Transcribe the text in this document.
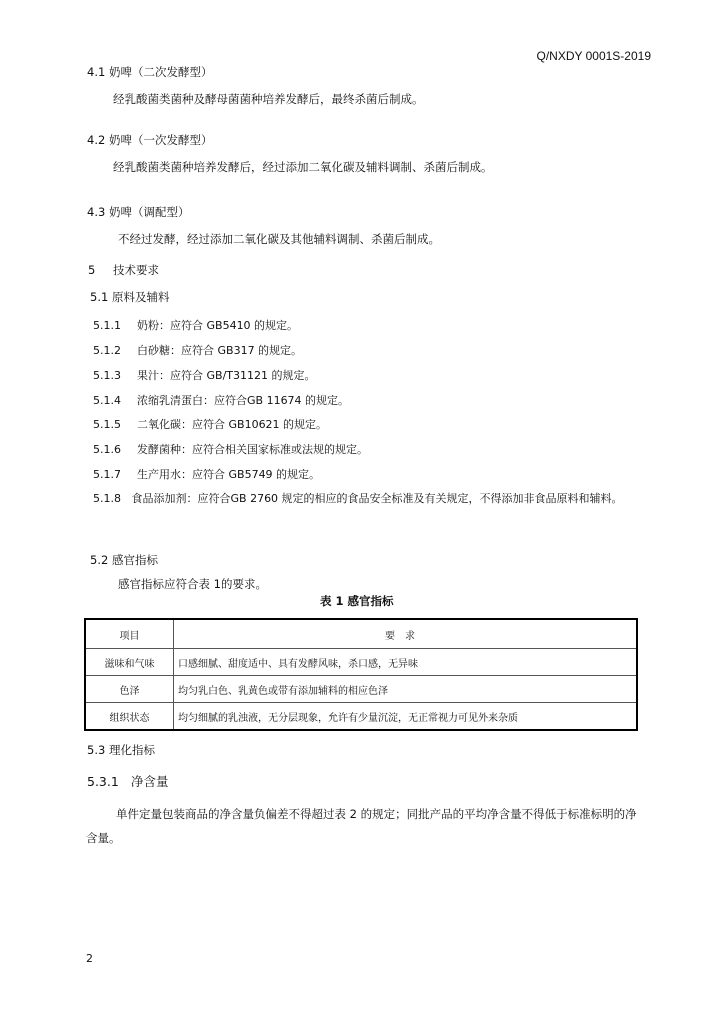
Q/NXDY 0001S-2019
4.1 奶啤（二次发酵型）
经乳酸菌类菌种及酵母菌菌种培养发酵后，最终杀菌后制成。
4.2 奶啤（一次发酵型）
经乳酸菌类菌种培养发酵后，经过添加二氧化碳及辅料调制、杀菌后制成。
4.3 奶啤（调配型）
不经过发酵，经过添加二氧化碳及其他辅料调制、杀菌后制成。
5 技术要求
5.1 原料及辅料
5.1.1 奶粉：应符合 GB5410 的规定。
5.1.2 白砂糖：应符合 GB317 的规定。
5.1.3 果汁：应符合 GB/T31121 的规定。
5.1.4 浓缩乳清蛋白：应符合GB 11674 的规定。
5.1.5 二氧化碳：应符合 GB10621 的规定。
5.1.6 发酵菌种：应符合相关国家标准或法规的规定。
5.1.7 生产用水：应符合 GB5749 的规定。
5.1.8 食品添加剂：应符合GB 2760 规定的相应的食品安全标准及有关规定，不得添加非食品原料和辅料。
5.2 感官指标
感官指标应符合表 1的要求。
表 1 感官指标
项目	要求
滋味和气味	口感细腻、甜度适中、具有发酵风味，杀口感，无异味
色泽	均匀乳白色、乳黄色或带有添加辅料的相应色泽
组织状态	均匀细腻的乳浊液，无分层现象，允许有少量沉淀，无正常视力可见外来杂质
5.3 理化指标
5.3.1 净含量
单件定量包装商品的净含量负偏差不得超过表 2 的规定；同批产品的平均净含量不得低于标准标明的净含量。
2
